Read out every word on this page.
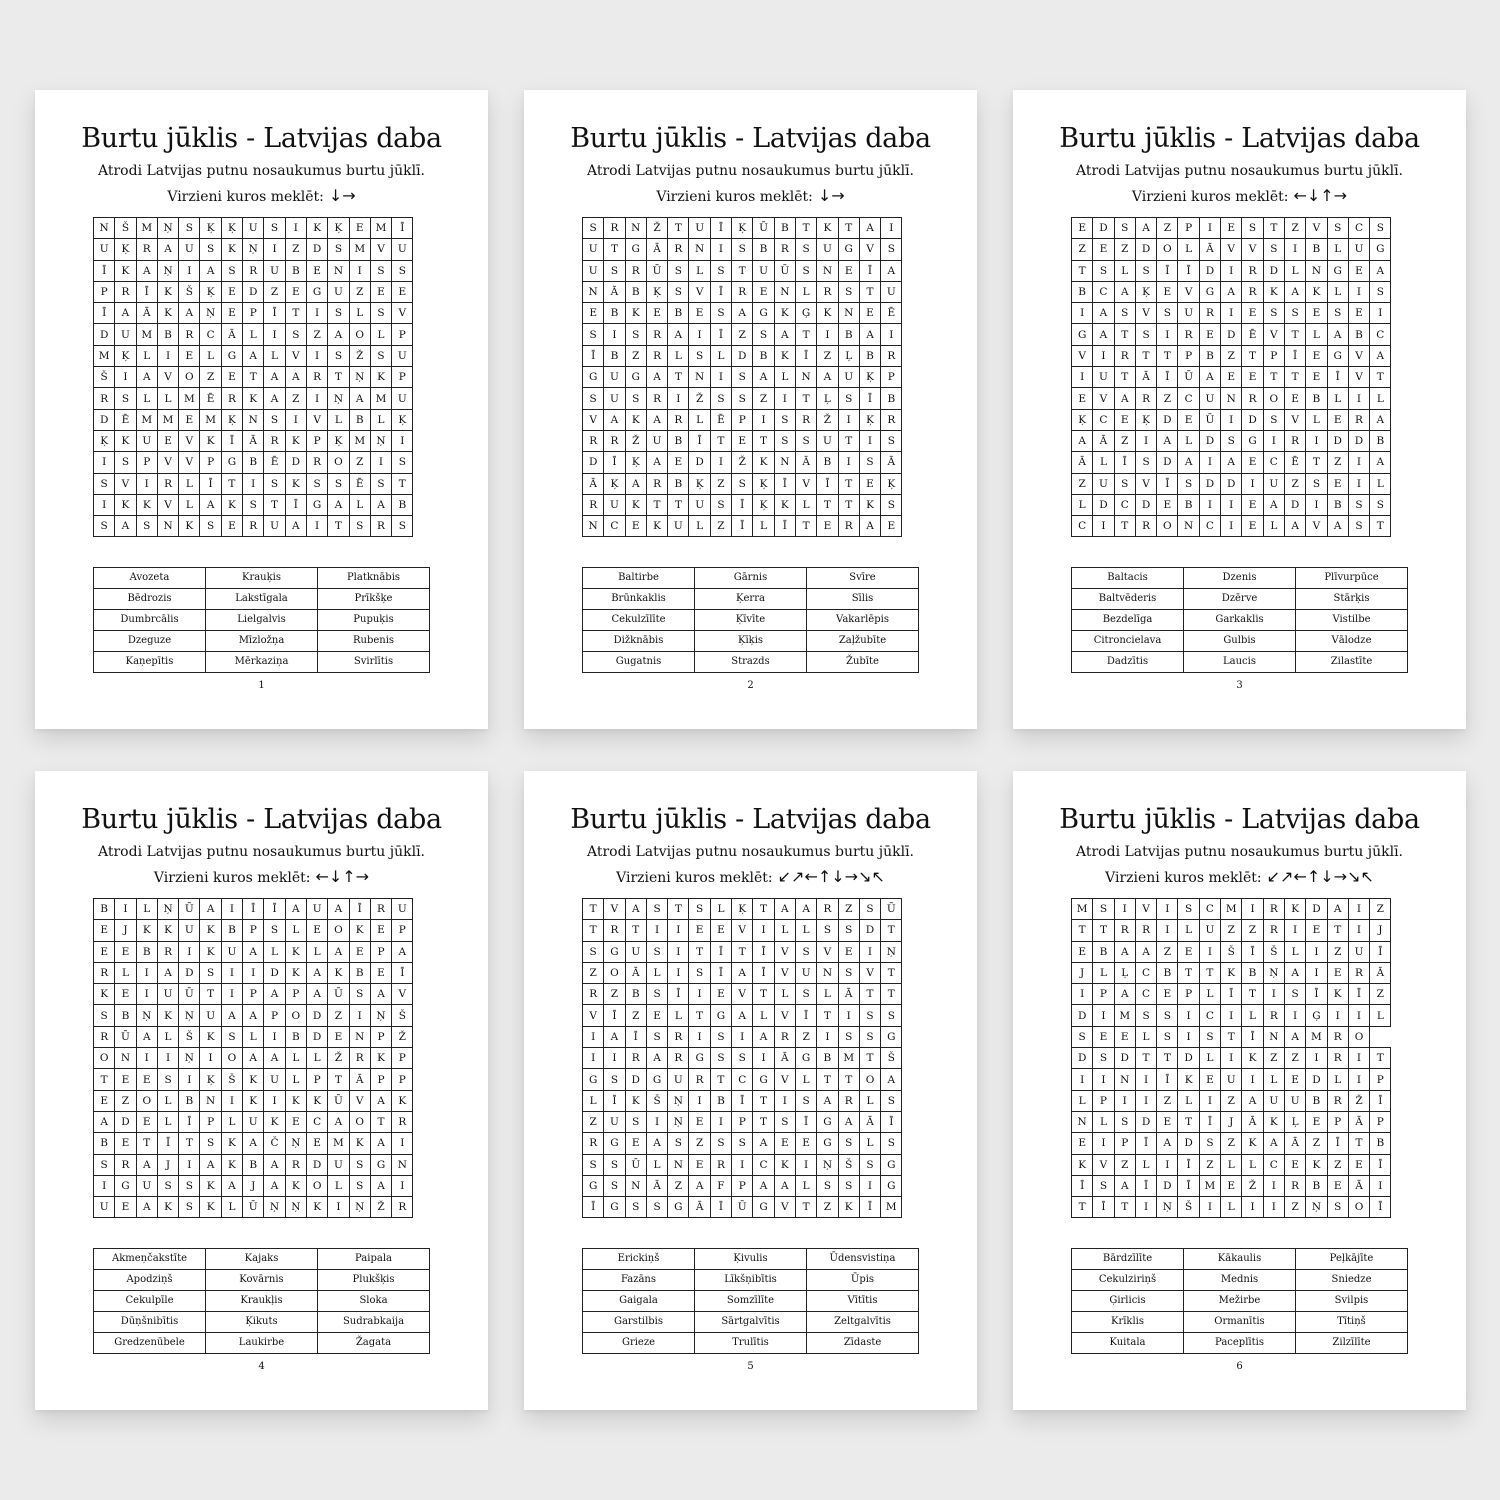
Burtu jūklis - Latvijas daba
Atrodi Latvijas putnu nosaukumus burtu jūklī.
Virzieni kuros meklēt: ↓→
N	Š	M	Ņ	S	Ķ	Ķ	U	S	I	K	Ķ	E	M	Ī
U	Ķ	R	A	U	S	K	Ņ	I	Z	D	S	M	V	U
Ī	K	A	Ņ	I	A	S	R	U	B	E	N	I	S	S
P	R	Ī	K	Š	Ķ	E	D	Z	E	G	U	Z	E	E
Ī	A	Ā	K	A	Ņ	E	P	Ī	T	I	S	L	S	V
D	U	M	B	R	C	Ā	L	I	S	Z	A	O	L	P
M	Ķ	L	I	E	L	G	A	L	V	I	S	Ž	S	U
Š	I	A	V	O	Z	E	T	A	A	R	T	Ņ	K	P
R	S	L	L	M	Ē	R	K	A	Z	I	Ņ	A	M	U
D	Ē	M	M	E	M	Ķ	N	S	I	V	L	B	L	Ķ
Ķ	K	U	E	V	K	Ī	Ā	R	K	P	Ķ	M	Ņ	I
I	S	P	V	V	P	G	B	Ē	D	R	O	Z	I	S
S	V	I	R	L	Ī	T	I	S	K	S	S	Ē	S	T
I	K	K	V	L	A	K	S	T	Ī	G	A	L	A	B
S	A	S	N	K	S	E	R	U	A	I	T	S	R	S
Avozeta	Krauķis	Platknābis
Bēdrozis	Lakstīgala	Prīkšķe
Dumbrcālis	Lielgalvis	Pupuķis
Dzeguze	Mīzložņa	Rubenis
Kaņepītis	Mērkaziņa	Svirlītis
1
Burtu jūklis - Latvijas daba
Atrodi Latvijas putnu nosaukumus burtu jūklī.
Virzieni kuros meklēt: ↓→
S	R	N	Ž	T	U	Ī	Ķ	Ū	B	T	K	T	A	I
U	T	G	Ā	R	N	I	S	B	R	S	U	G	V	S
U	S	R	Ū	S	L	S	T	U	Ū	S	N	E	Ī	A
N	Ā	B	Ķ	S	V	Ī	R	E	N	L	R	S	T	U
E	B	K	E	B	E	S	A	G	K	Ģ	K	N	E	Ē
S	I	S	R	A	I	Ī	Z	S	A	T	I	B	A	I
Ī	B	Z	R	L	S	L	D	B	K	Ī	Z	Ļ	B	R
G	U	G	A	T	N	I	S	A	L	N	A	U	Ķ	P
S	U	S	R	I	Ž	S	S	Z	I	T	Ļ	S	Ī	B
V	A	K	A	R	L	Ē	P	I	S	R	Ž	I	Ķ	R
R	R	Ž	U	B	Ī	T	E	T	S	S	U	T	I	S
D	Ī	Ķ	A	E	D	I	Ž	K	N	Ā	B	I	S	Ā
Ā	Ķ	A	R	B	Ķ	Z	S	Ķ	Ī	V	Ī	T	E	Ķ
R	U	K	T	T	U	S	Ī	Ķ	K	L	T	T	K	S
N	C	E	K	U	L	Z	Ī	L	Ī	T	E	R	A	E
Baltirbe	Gārnis	Svīre
Brūnkaklis	Ķerra	Sīlis
Cekulzīlīte	Ķīvīte	Vakarlēpis
Dižknābis	Ķīķis	Zaļžubīte
Gugatnis	Strazds	Žubīte
2
Burtu jūklis - Latvijas daba
Atrodi Latvijas putnu nosaukumus burtu jūklī.
Virzieni kuros meklēt: ←↓↑→
E	D	S	A	Z	P	I	E	S	T	Z	V	S	C	S
Z	E	Z	D	O	L	Ā	V	V	S	I	B	L	U	G
T	S	L	S	Ī	Ī	D	I	R	D	L	N	G	E	A
B	C	A	Ķ	E	V	G	A	R	K	A	K	L	I	S
I	A	S	V	S	U	R	I	E	S	S	E	S	E	I
G	A	T	S	I	R	E	D	Ē	V	T	L	A	B	C
V	I	R	T	T	P	B	Z	T	P	Ī	E	G	V	A
I	U	T	Ā	Ī	Ū	A	E	E	T	T	E	Ī	V	T
E	V	A	R	Z	C	U	N	R	O	E	B	L	I	L
Ķ	C	E	Ķ	D	E	Ū	I	D	S	V	L	E	R	A
A	Ā	Z	I	A	L	D	S	G	I	R	I	D	D	B
Ā	L	Ī	S	D	A	I	A	E	C	Ē	T	Z	I	A
Z	U	S	V	Ī	S	D	D	I	U	Z	S	E	I	L
L	D	C	D	E	B	I	I	E	A	D	I	B	S	S
C	I	T	R	O	N	C	I	E	L	A	V	A	S	T
Baltacis	Dzenis	Plīvurpūce
Baltvēderis	Dzērve	Stārķis
Bezdelīga	Garkaklis	Vistilbe
Citroncielava	Gulbis	Vālodze
Dadzītis	Laucis	Zilastīte
3
Burtu jūklis - Latvijas daba
Atrodi Latvijas putnu nosaukumus burtu jūklī.
Virzieni kuros meklēt: ←↓↑→
B	I	L	Ņ	Ū	A	I	Ī	Ī	A	U	A	Ī	R	U
E	J	K	K	U	K	B	P	S	L	E	O	K	E	P
E	E	B	R	I	K	U	A	L	K	L	A	E	P	A
R	L	I	A	D	S	I	I	D	K	A	K	B	E	Ī
K	E	I	U	Ū	T	I	P	A	P	A	Ū	S	A	V
S	B	Ņ	K	Ņ	U	A	A	P	O	D	Z	I	Ņ	Š
R	Ū	A	L	Š	K	S	L	I	B	D	E	N	P	Ž
O	N	I	I	Ņ	I	O	A	A	L	L	Ž	R	K	P
T	E	E	S	I	Ķ	Š	K	U	L	P	T	Ā	P	P
E	Z	O	L	B	N	I	K	I	K	K	Ū	V	A	K
A	D	E	L	Ī	P	L	U	K	E	C	A	O	T	R
B	E	T	Ī	T	S	K	A	Č	Ņ	E	M	K	A	I
S	R	A	J	I	A	K	B	A	R	D	U	S	G	N
I	G	U	S	S	K	A	J	A	K	O	L	S	A	I
U	E	A	K	S	K	L	Ū	Ņ	Ņ	K	I	Ņ	Ž	R
Akmeņčakstīte	Kajaks	Paipala
Apodziņš	Kovārnis	Plukšķis
Cekulpīle	Kraukļis	Sloka
Dūņšnibītis	Ķikuts	Sudrabkaija
Gredzenūbele	Laukirbe	Žagata
4
Burtu jūklis - Latvijas daba
Atrodi Latvijas putnu nosaukumus burtu jūklī.
Virzieni kuros meklēt: ↙↗←↑↓→↘↖
T	V	A	S	T	S	L	Ķ	T	A	A	R	Z	S	Ū
T	R	T	I	I	E	E	V	I	L	L	S	S	D	T
S	G	U	S	I	T	Ī	T	Ī	V	S	V	E	I	Ņ
Z	O	Ā	L	I	S	Ī	A	Ī	V	U	N	S	V	T
R	Z	B	S	Ī	I	E	V	T	L	S	L	Ā	T	T
V	Ī	Z	E	L	T	G	A	L	V	Ī	T	I	S	S
I	A	Ī	S	R	I	S	I	A	R	Z	I	S	S	G
I	I	R	A	R	G	S	S	I	Ā	G	B	M	T	Š
G	S	D	G	U	R	T	C	G	V	L	T	T	O	A
L	Ī	K	Š	Ņ	I	B	Ī	T	I	S	A	R	L	S
Z	U	S	I	Ņ	E	I	P	T	S	Ī	G	A	Ā	Ī
R	G	E	A	S	Z	S	S	A	E	E	G	S	L	S
S	S	Ū	L	N	E	R	I	C	K	I	Ņ	Š	S	G
G	S	N	Ā	Z	A	F	P	A	A	L	S	S	I	G
Ī	G	S	S	G	Ā	Ī	Ū	G	V	T	Z	K	Ī	M
Erickiņš	Ķivulis	Ūdensvistiņa
Fazāns	Līkšņibītis	Ūpis
Gaigala	Somzīlīte	Vītītis
Garstilbis	Sārtgalvītis	Zeltgalvītis
Grieze	Trulītis	Zīdaste
5
Burtu jūklis - Latvijas daba
Atrodi Latvijas putnu nosaukumus burtu jūklī.
Virzieni kuros meklēt: ↙↗←↑↓→↘↖
M	S	I	V	I	S	C	M	I	R	K	D	A	I	Z
T	T	R	R	I	L	U	Z	Z	R	I	E	T	I	J
E	B	A	A	Z	E	I	Š	Ī	Š	L	I	Z	U	Ī
J	L	Ļ	C	B	T	T	K	B	Ņ	A	I	E	R	Ā
I	P	A	C	E	P	L	Ī	T	I	S	Ī	K	Ī	Z
D	I	M	S	S	I	C	I	L	R	I	Ģ	I	I	L
S	E	E	L	S	I	S	T	Ī	N	A	M	R	O	
D	S	D	T	T	D	L	I	K	Z	Z	I	R	I	T
I	I	N	I	Ī	K	E	U	I	L	E	D	L	I	P
L	P	I	I	Z	L	I	Z	A	U	U	B	R	Ž	Ī
N	L	S	D	E	T	Ī	J	Ā	K	Ļ	E	P	Ā	P
E	I	P	Ī	A	D	S	Z	K	A	Ā	Z	Ī	T	B
K	V	Z	L	I	Ī	Z	L	L	C	E	K	Z	E	Ī
Ī	S	A	Ī	D	Ī	M	E	Ž	I	R	B	E	Ā	I
T	Ī	T	I	Ņ	Š	I	L	I	I	Z	Ņ	S	O	Ī
Bārdzīlīte	Kākaulis	Peļkājīte
Cekulziriņš	Mednis	Sniedze
Ģirlicis	Mežirbe	Svilpis
Krīklis	Ormanītis	Tītiņš
Kuitala	Paceplītis	Zilzīlīte
6
